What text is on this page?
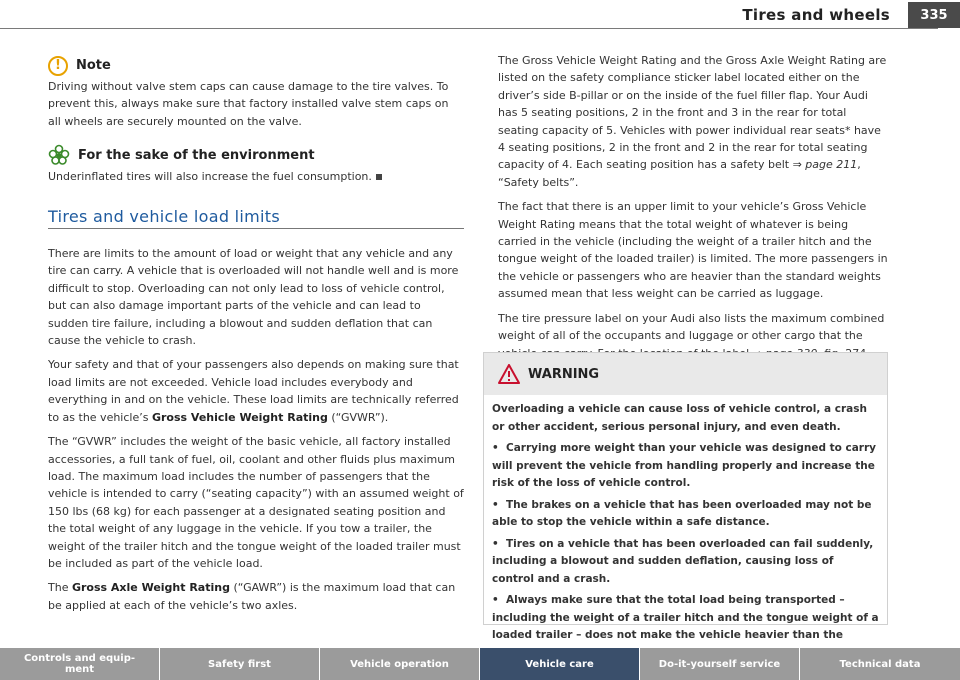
Tires and wheels	335
!	Note

Driving without valve stem caps can cause damage to the tire valves. To prevent this, always make sure that factory installed valve stem caps on all wheels are securely mounted on the valve.

For the sake of the environment

Underinflated tires will also increase the fuel consumption.

Tires and vehicle load limits

There are limits to the amount of load or weight that any vehicle and any tire can carry. A vehicle that is overloaded will not handle well and is more difficult to stop. Overloading can not only lead to loss of vehicle control, but can also damage important parts of the vehicle and can lead to sudden tire failure, including a blowout and sudden deflation that can cause the vehicle to crash.

Your safety and that of your passengers also depends on making sure that load limits are not exceeded. Vehicle load includes everybody and everything in and on the vehicle. These load limits are technically referred to as the vehicle’s Gross Vehicle Weight Rating (“GVWR”).

The “GVWR” includes the weight of the basic vehicle, all factory installed accessories, a full tank of fuel, oil, coolant and other fluids plus maximum load. The maximum load includes the number of passengers that the vehicle is intended to carry (“seating capacity”) with an assumed weight of 150 lbs (68 kg) for each passenger at a designated seating position and the total weight of any luggage in the vehicle. If you tow a trailer, the weight of the trailer hitch and the tongue weight of the loaded trailer must be included as part of the vehicle load.

The Gross Axle Weight Rating (“GAWR”) is the maximum load that can be applied at each of the vehicle’s two axles.

The Gross Vehicle Weight Rating and the Gross Axle Weight Rating are listed on the safety compliance sticker label located either on the driver’s side B-pillar or on the inside of the fuel filler flap. Your Audi has 5 seating positions, 2 in the front and 3 in the rear for total seating capacity of 5. Vehicles with power individual rear seats* have 4 seating positions, 2 in the front and 2 in the rear for total seating capacity of 4. Each seating position has a safety belt ⇒ page 211, “Safety belts”.

The fact that there is an upper limit to your vehicle’s Gross Vehicle Weight Rating means that the total weight of whatever is being carried in the vehicle (including the weight of a trailer hitch and the tongue weight of the loaded trailer) is limited. The more passengers in the vehicle or passengers who are heavier than the standard weights assumed mean that less weight can be carried as luggage.

The tire pressure label on your Audi also lists the maximum combined weight of all of the occupants and luggage or other cargo that the

WARNING

Overloading a vehicle can cause loss of vehicle control, a crash or other accident, serious personal injury, and even death.

• Carrying more weight than your vehicle was designed to carry will prevent the vehicle from handling properly and increase the risk of the loss of vehicle control.

• The brakes on a vehicle that has been overloaded may not be able to stop the vehicle within a safe distance.

• Tires on a vehicle that has been overloaded can fail suddenly, including a blowout and sudden deflation, causing loss of control and a crash.

• Always make sure that the total load being transported – including the weight of a trailer hitch and the tongue weight of a loaded trailer – does not make the vehicle heavier than the

Controls and equip-
ment	Safety first	Vehicle operation	Vehicle care	Do-it-yourself service	Technical data
